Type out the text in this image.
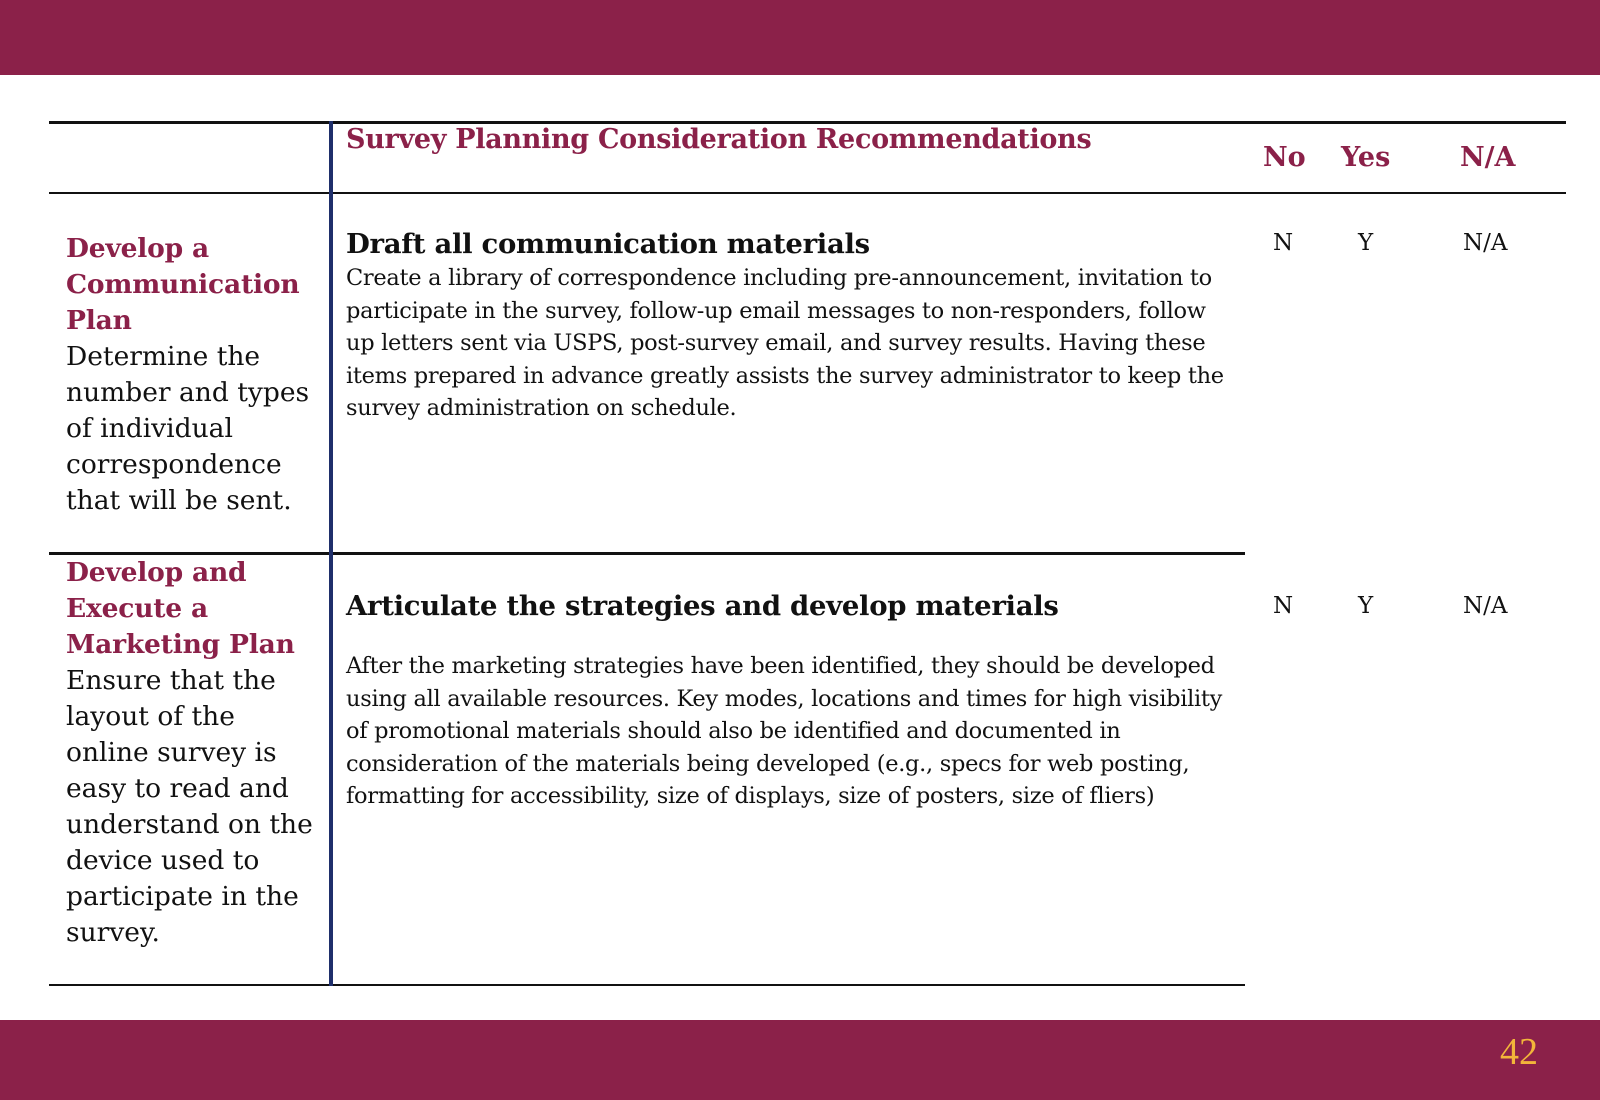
Survey Planning Consideration Recommendations
No Yes	N/A
Develop a Communication Plan
Determine the number and types of individual correspondence that will be sent.
Draft all communication materials
Create a library of correspondence including pre-announcement, invitation to participate in the survey, follow-up email messages to non-responders, follow up letters sent via USPS, post-survey email, and survey results. Having these items prepared in advance greatly assists the survey administrator to keep the survey administration on schedule.
N	Y	N/A
Develop and Execute a Marketing Plan
Ensure that the layout of the online survey is easy to read and understand on the device used to participate in the survey.
Articulate the strategies and develop materials
After the marketing strategies have been identified, they should be developed using all available resources. Key modes, locations and times for high visibility of promotional materials should also be identified and documented in consideration of the materials being developed (e.g., specs for web posting, formatting for accessibility, size of displays, size of posters, size of fliers)
N	Y	N/A
42
